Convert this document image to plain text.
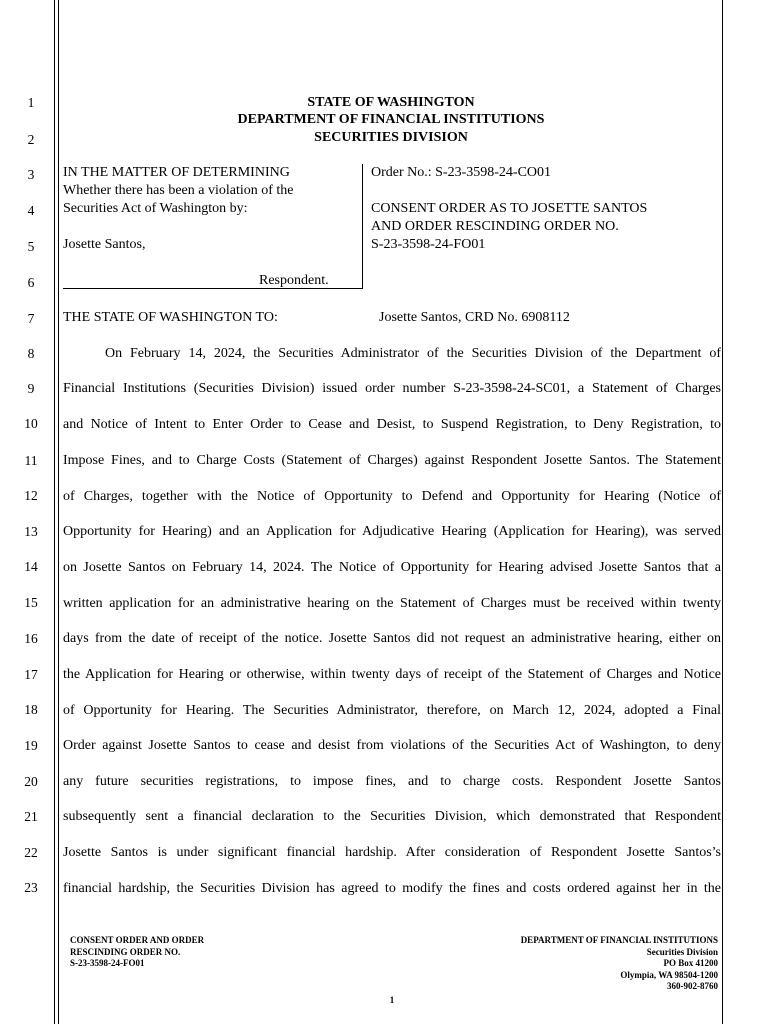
1
2
3
4
5
6
7
8
9
10
11
12
13
14
15
16
17
18
19
20
21
22
23
STATE OF WASHINGTON
DEPARTMENT OF FINANCIAL INSTITUTIONS
SECURITIES DIVISION
IN THE MATTER OF DETERMINING
Whether there has been a violation of the
Securities Act of Washington by:
Josette Santos,
Respondent.
Order No.: S-23-3598-24-CO01
CONSENT ORDER AS TO JOSETTE SANTOS
AND ORDER RESCINDING ORDER NO.
S-23-3598-24-FO01
THE STATE OF WASHINGTON TO:	Josette Santos, CRD No. 6908112
On February 14, 2024, the Securities Administrator of the Securities Division of the Department of
Financial Institutions (Securities Division) issued order number S-23-3598-24-SC01, a Statement of Charges
and Notice of Intent to Enter Order to Cease and Desist, to Suspend Registration, to Deny Registration, to
Impose Fines, and to Charge Costs (Statement of Charges) against Respondent Josette Santos. The Statement
of Charges, together with the Notice of Opportunity to Defend and Opportunity for Hearing (Notice of
Opportunity for Hearing) and an Application for Adjudicative Hearing (Application for Hearing), was served
on Josette Santos on February 14, 2024. The Notice of Opportunity for Hearing advised Josette Santos that a
written application for an administrative hearing on the Statement of Charges must be received within twenty
days from the date of receipt of the notice. Josette Santos did not request an administrative hearing, either on
the Application for Hearing or otherwise, within twenty days of receipt of the Statement of Charges and Notice
of Opportunity for Hearing. The Securities Administrator, therefore, on March 12, 2024, adopted a Final
Order against Josette Santos to cease and desist from violations of the Securities Act of Washington, to deny
any future securities registrations, to impose fines, and to charge costs. Respondent Josette Santos
subsequently sent a financial declaration to the Securities Division, which demonstrated that Respondent
Josette Santos is under significant financial hardship. After consideration of Respondent Josette Santos’s
financial hardship, the Securities Division has agreed to modify the fines and costs ordered against her in the
CONSENT ORDER AND ORDER
RESCINDING ORDER NO.
S-23-3598-24-FO01
DEPARTMENT OF FINANCIAL INSTITUTIONS
Securities Division
PO Box 41200
Olympia, WA 98504-1200
360-902-8760
1
